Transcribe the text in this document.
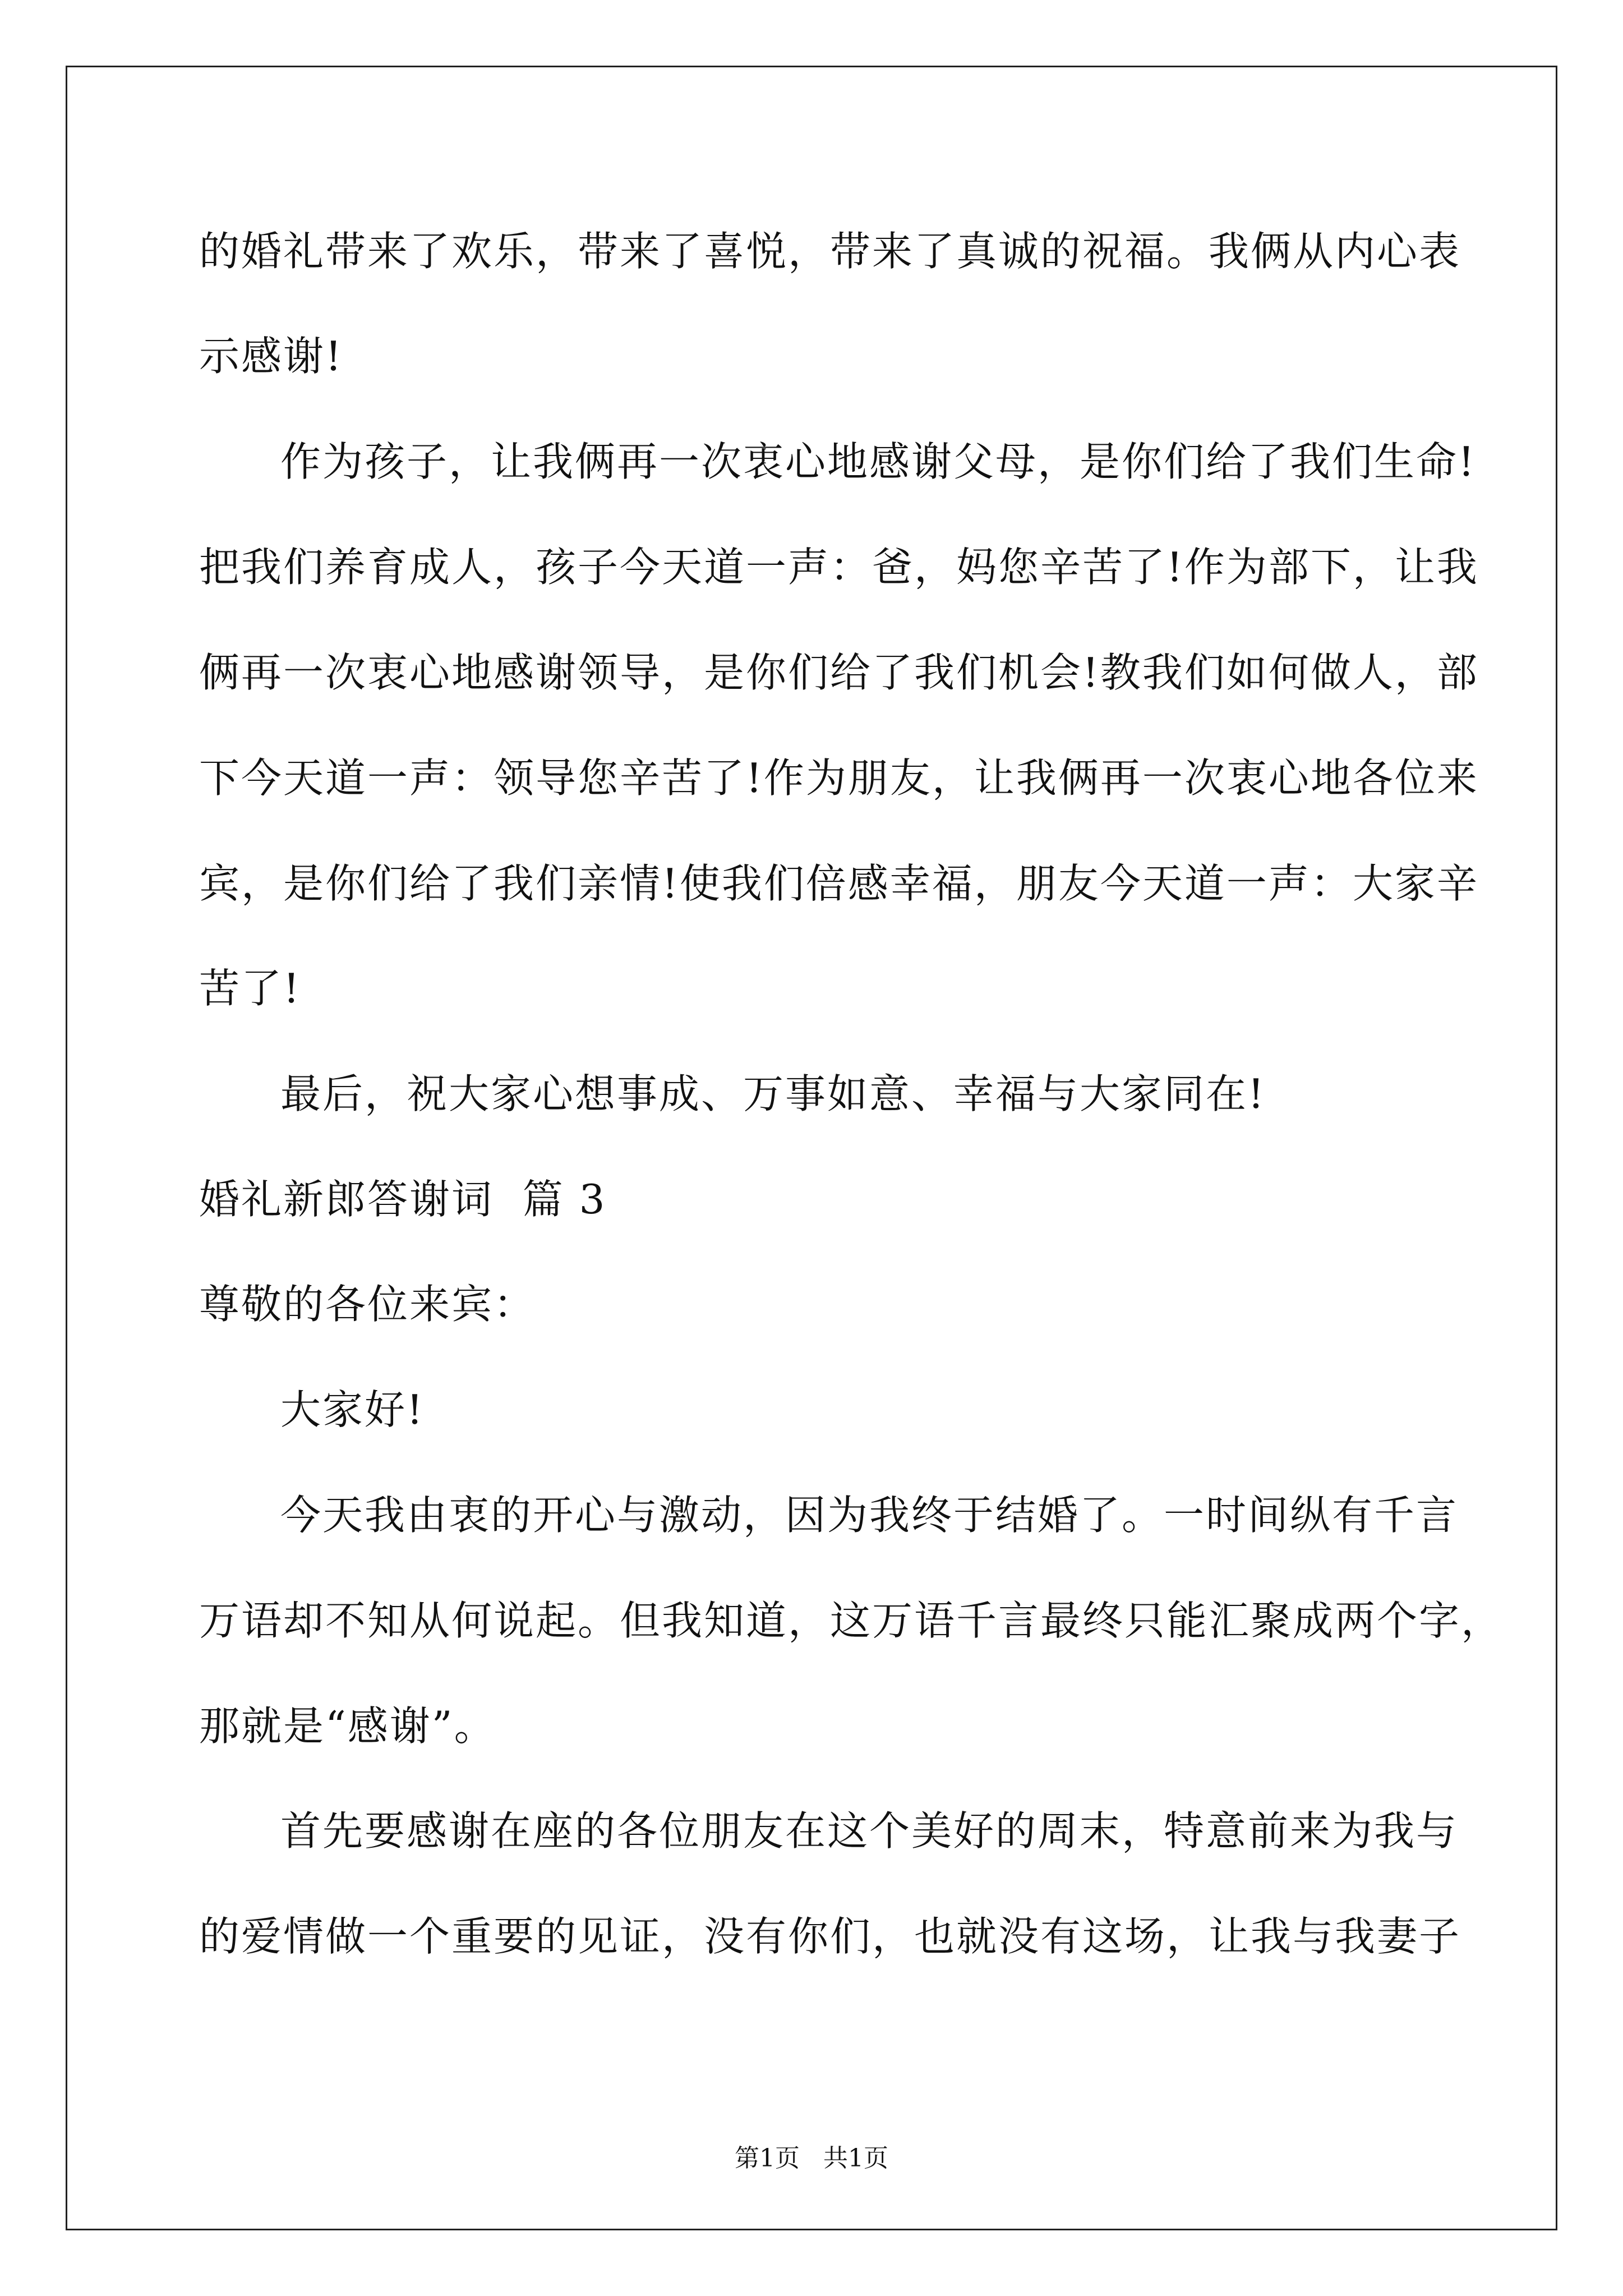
的婚礼带来了欢乐，带来了喜悦，带来了真诚的祝福。我俩从内心表
示感谢!
作为孩子，让我俩再一次衷心地感谢父母，是你们给了我们生命!
把我们养育成人，孩子今天道一声：爸，妈您辛苦了!作为部下，让我
俩再一次衷心地感谢领导，是你们给了我们机会!教我们如何做人，部
下今天道一声：领导您辛苦了!作为朋友，让我俩再一次衷心地各位来
宾，是你们给了我们亲情!使我们倍感幸福，朋友今天道一声：大家辛
苦了!
最后，祝大家心想事成、万事如意、幸福与大家同在!
婚礼新郎答谢词  篇 3
尊敬的各位来宾：
大家好!
今天我由衷的开心与激动，因为我终于结婚了。一时间纵有千言
万语却不知从何说起。但我知道，这万语千言最终只能汇聚成两个字，
那就是“感谢”。
首先要感谢在座的各位朋友在这个美好的周末，特意前来为我与
的爱情做一个重要的见证，没有你们，也就没有这场，让我与我妻子
第1页   共1页
